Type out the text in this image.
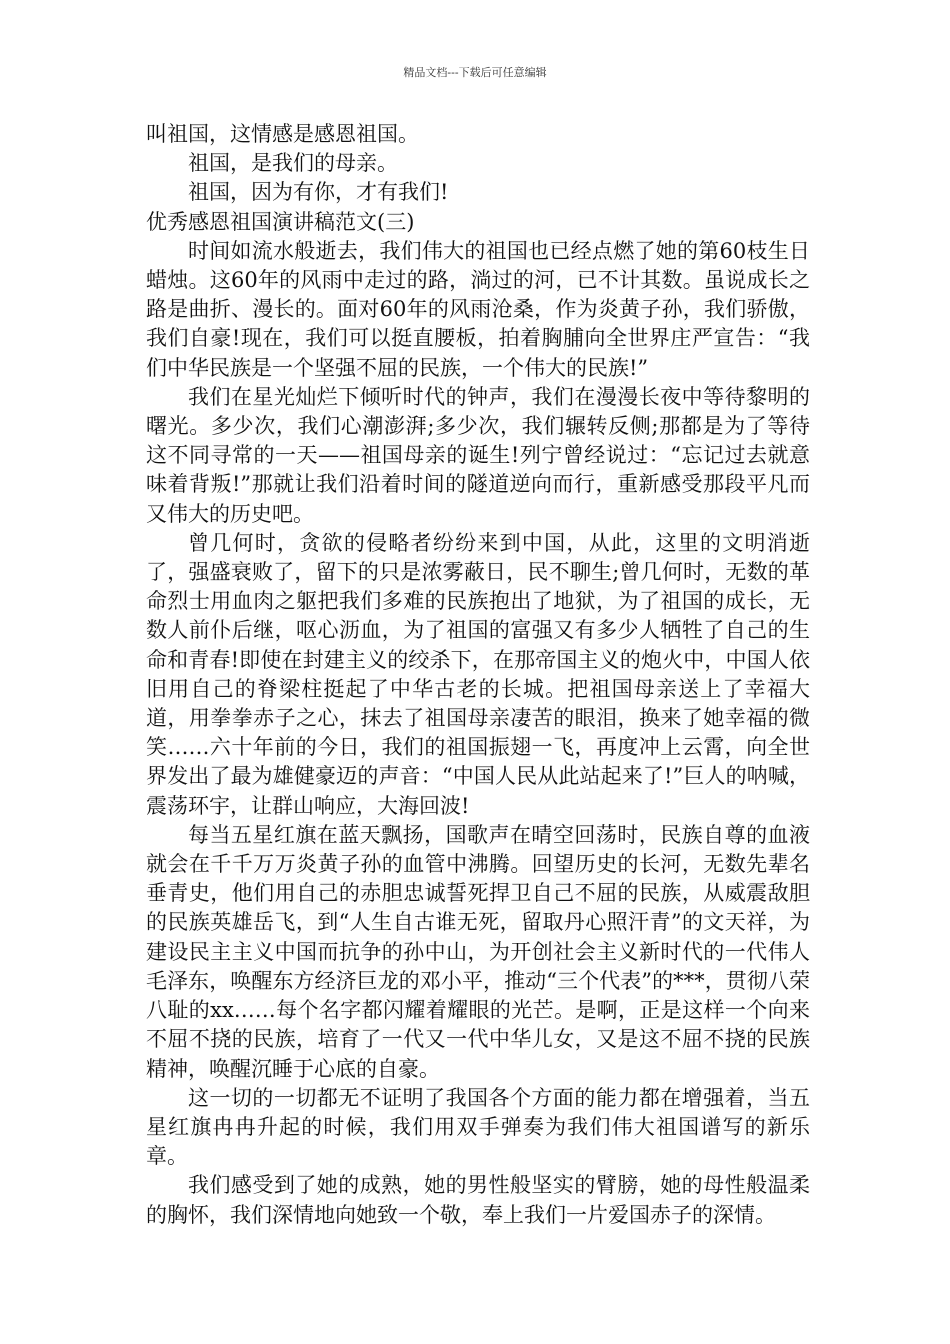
精品文档---下载后可任意编辑

叫祖国，这情感是感恩祖国。

祖国，是我们的母亲。

祖国，因为有你，才有我们!

优秀感恩祖国演讲稿范文(三)

时间如流水般逝去，我们伟大的祖国也已经点燃了她的第60枝生日蜡烛。这60年的风雨中走过的路，淌过的河，已不计其数。虽说成长之路是曲折、漫长的。面对60年的风雨沧桑，作为炎黄子孙，我们骄傲，我们自豪!现在，我们可以挺直腰板，拍着胸脯向全世界庄严宣告：“我们中华民族是一个坚强不屈的民族，一个伟大的民族!”

我们在星光灿烂下倾听时代的钟声，我们在漫漫长夜中等待黎明的曙光。多少次，我们心潮澎湃;多少次，我们辗转反侧;那都是为了等待这不同寻常的一天——祖国母亲的诞生!列宁曾经说过：“忘记过去就意味着背叛!”那就让我们沿着时间的隧道逆向而行，重新感受那段平凡而又伟大的历史吧。

曾几何时，贪欲的侵略者纷纷来到中国，从此，这里的文明消逝了，强盛衰败了，留下的只是浓雾蔽日，民不聊生;曾几何时，无数的革命烈士用血肉之躯把我们多难的民族抱出了地狱，为了祖国的成长，无数人前仆后继，呕心沥血，为了祖国的富强又有多少人牺牲了自己的生命和青春!即使在封建主义的绞杀下，在那帝国主义的炮火中，中国人依旧用自己的脊梁柱挺起了中华古老的长城。把祖国母亲送上了幸福大道，用拳拳赤子之心，抹去了祖国母亲凄苦的眼泪，换来了她幸福的微笑……六十年前的今日，我们的祖国振翅一飞，再度冲上云霄，向全世界发出了最为雄健豪迈的声音：“中国人民从此站起来了!”巨人的呐喊，震荡环宇，让群山响应，大海回波!

每当五星红旗在蓝天飘扬，国歌声在晴空回荡时，民族自尊的血液就会在千千万万炎黄子孙的血管中沸腾。回望历史的长河，无数先辈名垂青史，他们用自己的赤胆忠诚誓死捍卫自己不屈的民族，从威震敌胆的民族英雄岳飞，到“人生自古谁无死，留取丹心照汗青”的文天祥，为建设民主主义中国而抗争的孙中山，为开创社会主义新时代的一代伟人毛泽东，唤醒东方经济巨龙的邓小平，推动“三个代表”的***，贯彻八荣八耻的xx……每个名字都闪耀着耀眼的光芒。是啊，正是这样一个向来不屈不挠的民族，培育了一代又一代中华儿女，又是这不屈不挠的民族精神，唤醒沉睡于心底的自豪。

这一切的一切都无不证明了我国各个方面的能力都在增强着，当五星红旗冉冉升起的时候，我们用双手弹奏为我们伟大祖国谱写的新乐章。

我们感受到了她的成熟，她的男性般坚实的臂膀，她的母性般温柔的胸怀，我们深情地向她致一个敬，奉上我们一片爱国赤子的深情。
